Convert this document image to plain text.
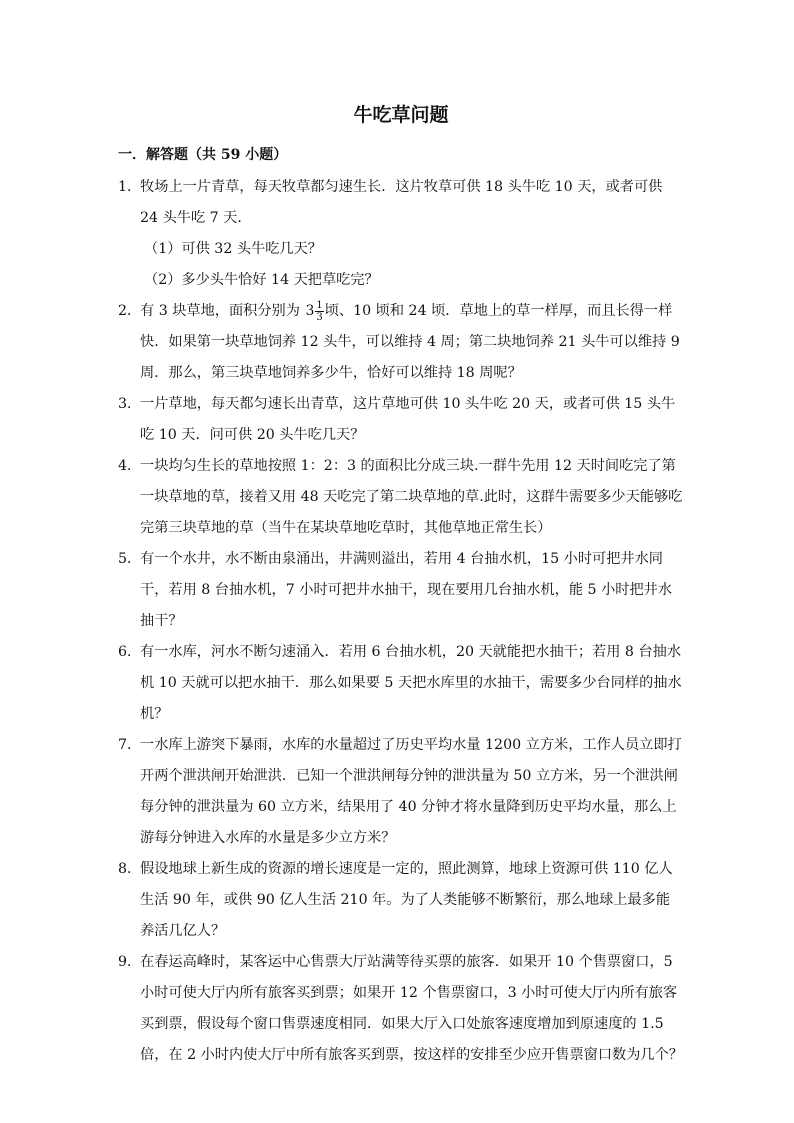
牛吃草问题
一．解答题（共 59 小题）
1．
牧场上一片青草，每天牧草都匀速生长．这片牧草可供 18 头牛吃 10 天，或者可供 24 头牛吃 7 天．
（1）可供 32 头牛吃几天？
（2）多少头牛恰好 14 天把草吃完？
2．
有 3 块草地，面积分别为 $3 \frac{1}{3}$ 顷、10 顷和 24 顷．草地上的草一样厚，而且长得一样快．如果第一块草地饲养 12 头牛，可以维持 4 周；第二块地饲养 21 头牛可以维持 9 周．那么，第三块草地饲养多少牛，恰好可以维持 18 周呢？
3．
一片草地，每天都匀速长出青草，这片草地可供 10 头牛吃 20 天，或者可供 15 头牛吃 10 天．问可供 20 头牛吃几天？
4．
一块均匀生长的草地按照 1：2：3 的面积比分成三块.一群牛先用 12 天时间吃完了第一块草地的草，接着又用 48 天吃完了第二块草地的草.此时，这群牛需要多少天能够吃完第三块草地的草（当牛在某块草地吃草时，其他草地正常生长）
5．
有一个水井，水不断由泉涌出，井满则溢出，若用 4 台抽水机，15 小时可把井水同干，若用 8 台抽水机，7 小时可把井水抽干，现在要用几台抽水机，能 5 小时把井水抽干？
6．
有一水库，河水不断匀速涌入．若用 6 台抽水机，20 天就能把水抽干；若用 8 台抽水机 10 天就可以把水抽干．那么如果要 5 天把水库里的水抽干，需要多少台同样的抽水机？
7．
一水库上游突下暴雨，水库的水量超过了历史平均水量 1200 立方米，工作人员立即打开两个泄洪闸开始泄洪．已知一个泄洪闸每分钟的泄洪量为 50 立方米，另一个泄洪闸每分钟的泄洪量为 60 立方米，结果用了 40 分钟才将水量降到历史平均水量，那么上游每分钟进入水库的水量是多少立方米？
8．
假设地球上新生成的资源的增长速度是一定的，照此测算，地球上资源可供 110 亿人生活 90 年，或供 90 亿人生活 210 年。为了人类能够不断繁衍，那么地球上最多能养活几亿人？
9．
在春运高峰时，某客运中心售票大厅站满等待买票的旅客．如果开 10 个售票窗口，5 小时可使大厅内所有旅客买到票；如果开 12 个售票窗口，3 小时可使大厅内所有旅客买到票，假设每个窗口售票速度相同．如果大厅入口处旅客速度增加到原速度的 1.5 倍，在 2 小时内使大厅中所有旅客买到票，按这样的安排至少应开售票窗口数为几个？
